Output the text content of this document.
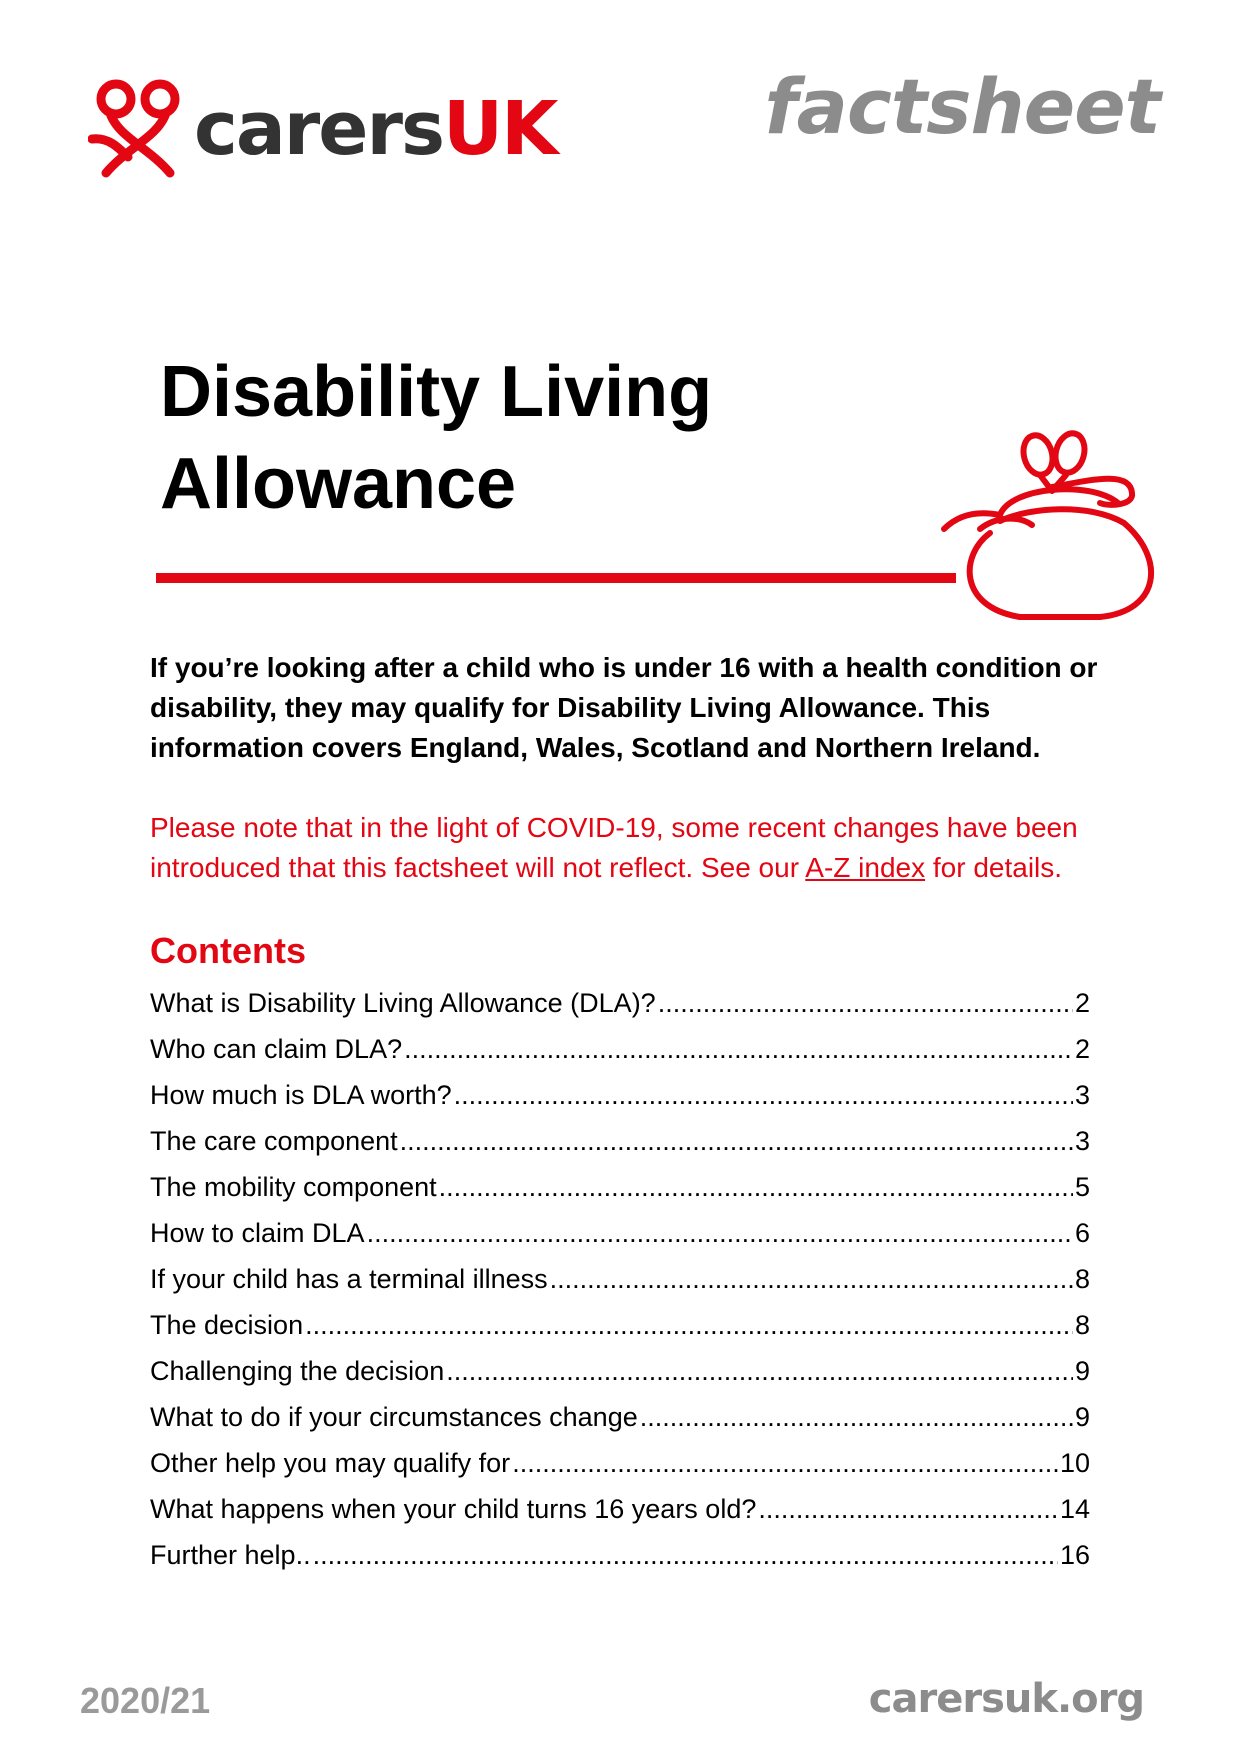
carersUK	factsheet
Disability Living
Allowance
If you’re looking after a child who is under 16 with a health condition or disability, they may qualify for Disability Living Allowance. This information covers England, Wales, Scotland and Northern Ireland.
Please note that in the light of COVID-19, some recent changes have been introduced that this factsheet will not reflect. See our A-Z index for details.
Contents
What is Disability Living Allowance (DLA)? .....	2
Who can claim DLA? .....	2
How much is DLA worth? .....	3
The care component .....	3
The mobility component .....	5
How to claim DLA .....	6
If your child has a terminal illness .....	8
The decision .....	8
Challenging the decision .....	9
What to do if your circumstances change .....	9
Other help you may qualify for .....	10
What happens when your child turns 16 years old? .....	14
Further help.. .....	16
2020/21	carersuk.org
